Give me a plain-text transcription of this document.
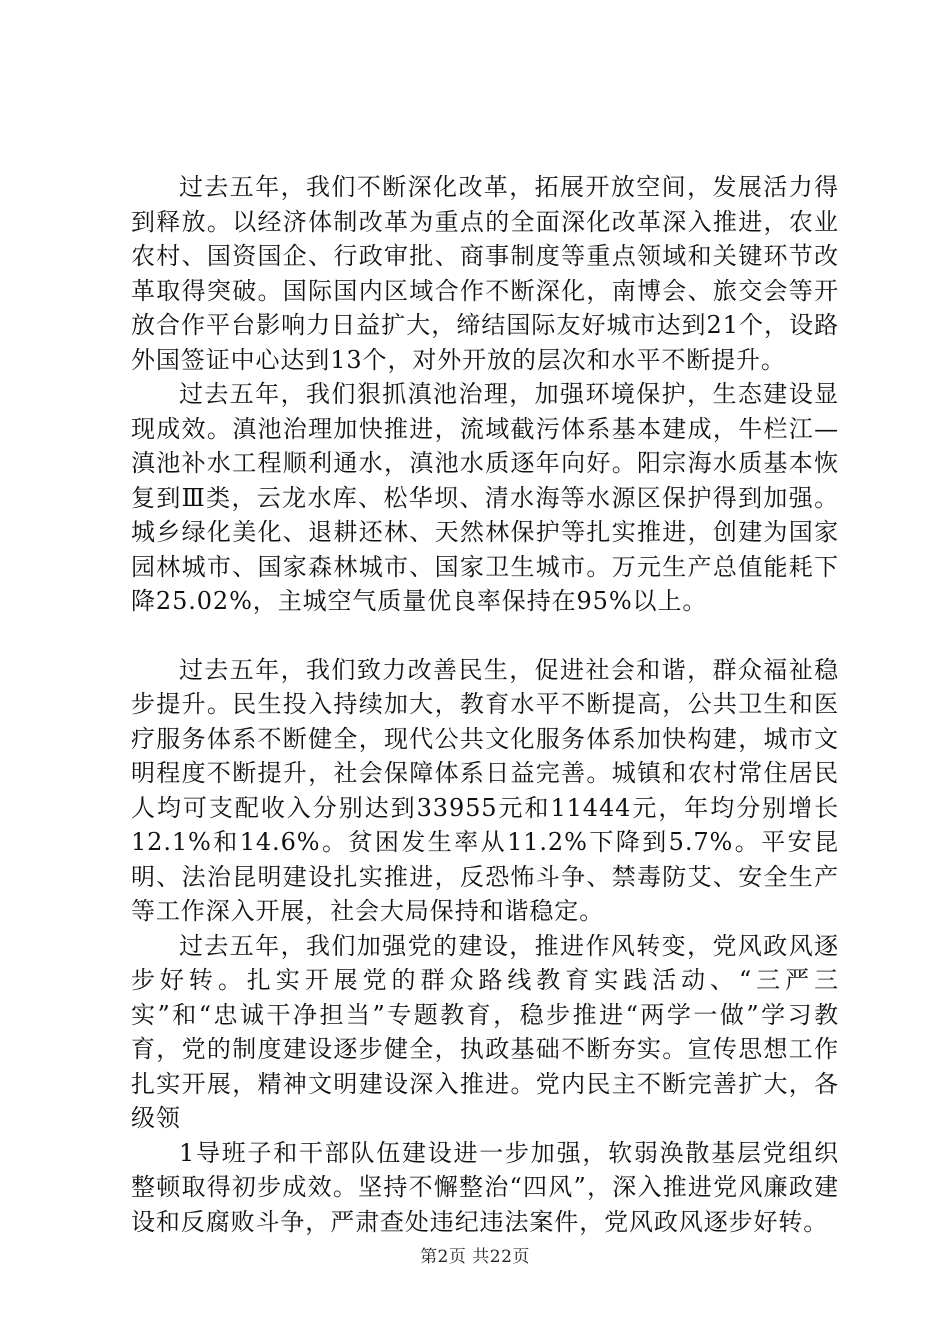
过去五年，我们不断深化改革，拓展开放空间，发展活力得到释放。以经济体制改革为重点的全面深化改革深入推进，农业农村、国资国企、行政审批、商事制度等重点领域和关键环节改革取得突破。国际国内区域合作不断深化，南博会、旅交会等开放合作平台影响力日益扩大，缔结国际友好城市达到21个，设路外国签证中心达到13个，对外开放的层次和水平不断提升。

过去五年，我们狠抓滇池治理，加强环境保护，生态建设显现成效。滇池治理加快推进，流域截污体系基本建成，牛栏江—滇池补水工程顺利通水，滇池水质逐年向好。阳宗海水质基本恢复到Ⅲ类，云龙水库、松华坝、清水海等水源区保护得到加强。城乡绿化美化、退耕还林、天然林保护等扎实推进，创建为国家园林城市、国家森林城市、国家卫生城市。万元生产总值能耗下降25.02%，主城空气质量优良率保持在95%以上。

过去五年，我们致力改善民生，促进社会和谐，群众福祉稳步提升。民生投入持续加大，教育水平不断提高，公共卫生和医疗服务体系不断健全，现代公共文化服务体系加快构建，城市文明程度不断提升，社会保障体系日益完善。城镇和农村常住居民人均可支配收入分别达到33955元和11444元，年均分别增长12.1%和14.6%。贫困发生率从11.2%下降到5.7%。平安昆明、法治昆明建设扎实推进，反恐怖斗争、禁毒防艾、安全生产等工作深入开展，社会大局保持和谐稳定。

过去五年，我们加强党的建设，推进作风转变，党风政风逐步好转。扎实开展党的群众路线教育实践活动、“三严三实”和“忠诚干净担当”专题教育，稳步推进“两学一做”学习教育，党的制度建设逐步健全，执政基础不断夯实。宣传思想工作扎实开展，精神文明建设深入推进。党内民主不断完善扩大，各级领

1导班子和干部队伍建设进一步加强，软弱涣散基层党组织整顿取得初步成效。坚持不懈整治“四风”，深入推进党风廉政建设和反腐败斗争，严肃查处违纪违法案件，党风政风逐步好转。

第2页 共22页
